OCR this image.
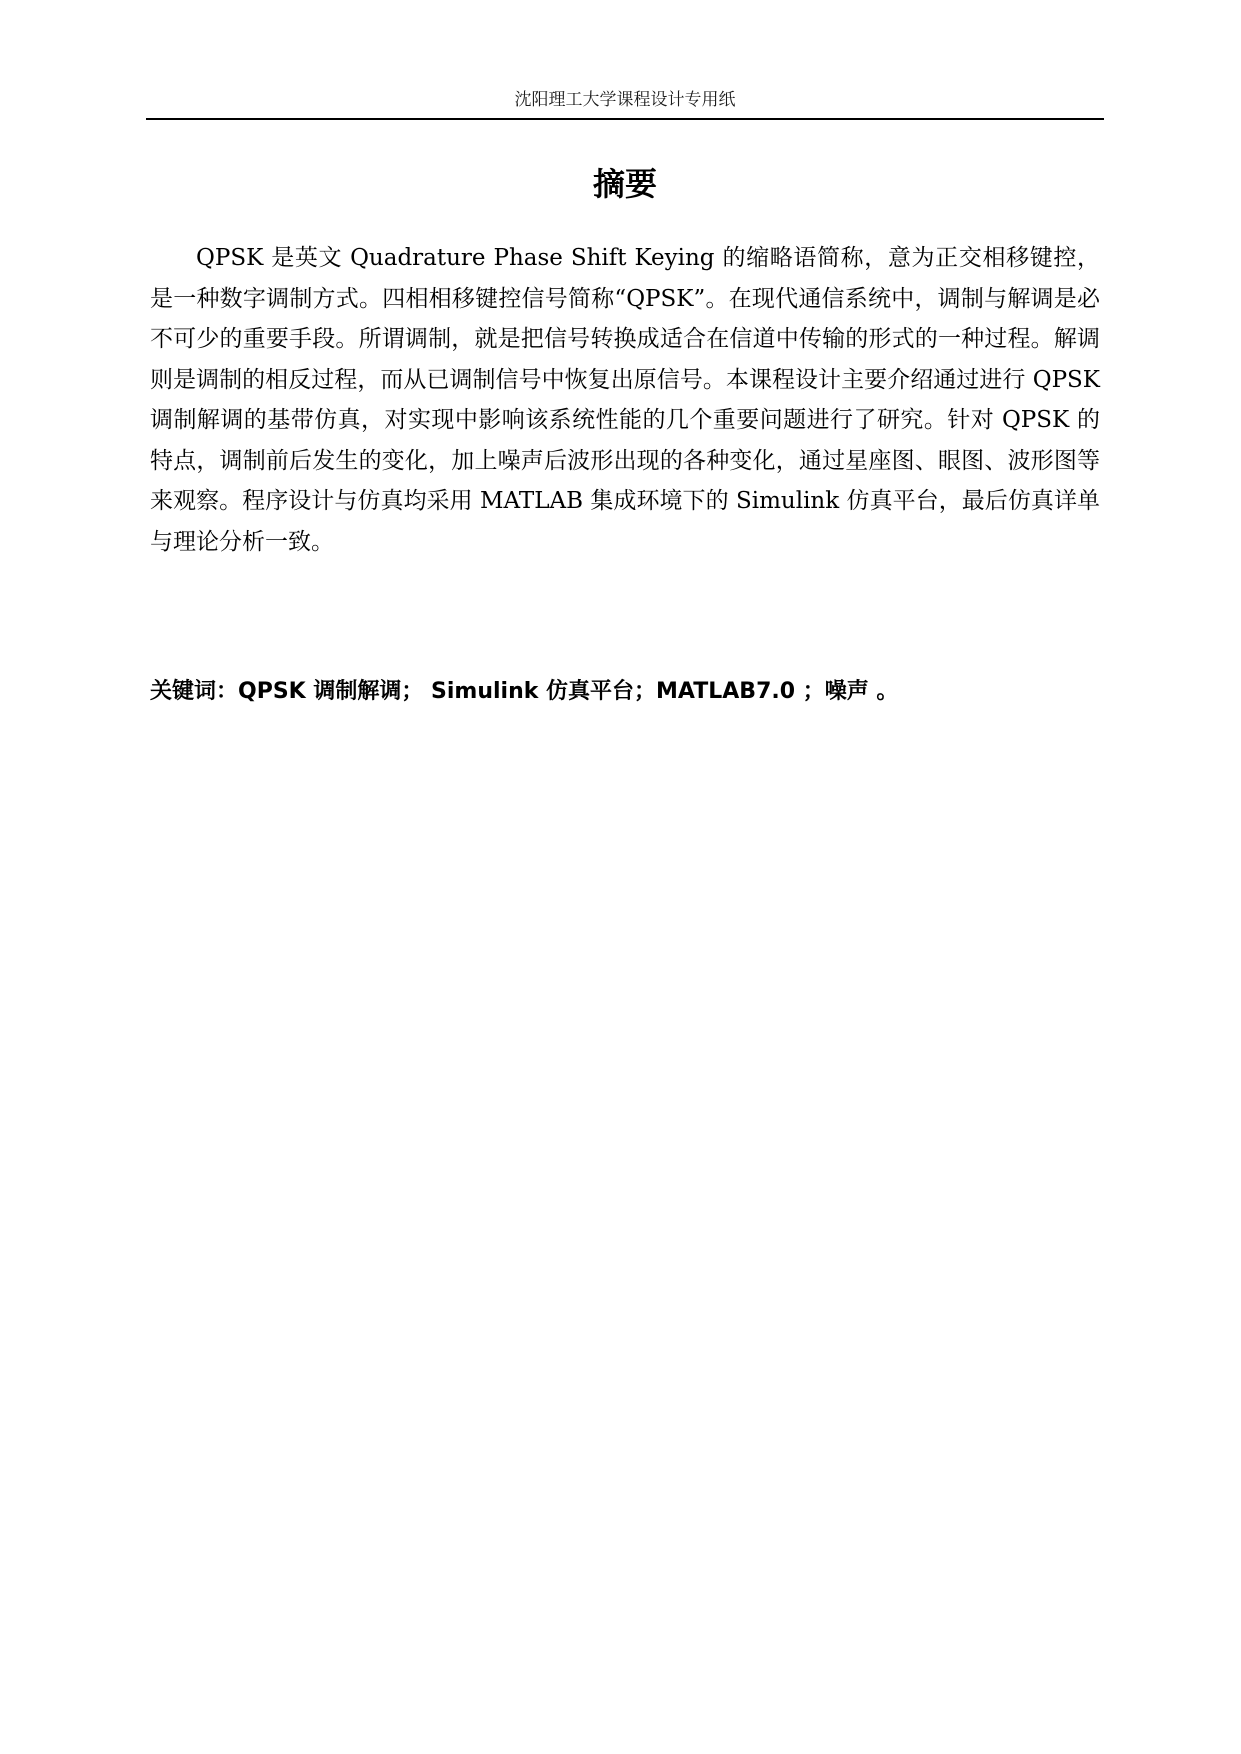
沈阳理工大学课程设计专用纸
摘要

QPSK 是英文 Quadrature Phase Shift Keying 的缩略语简称，意为正交相移键控，是一种数字调制方式。四相相移键控信号简称“QPSK”。在现代通信系统中，调制与解调是必不可少的重要手段。所谓调制，就是把信号转换成适合在信道中传输的形式的一种过程。解调则是调制的相反过程，而从已调制信号中恢复出原信号。本课程设计主要介绍通过进行 QPSK 调制解调的基带仿真，对实现中影响该系统性能的几个重要问题进行了研究。针对 QPSK 的特点，调制前后发生的变化，加上噪声后波形出现的各种变化，通过星座图、眼图、波形图等来观察。程序设计与仿真均采用 MATLAB 集成环境下的 Simulink 仿真平台，最后仿真详单与理论分析一致。

关键词：QPSK 调制解调； Simulink 仿真平台；MATLAB7.0 ；噪声 。
